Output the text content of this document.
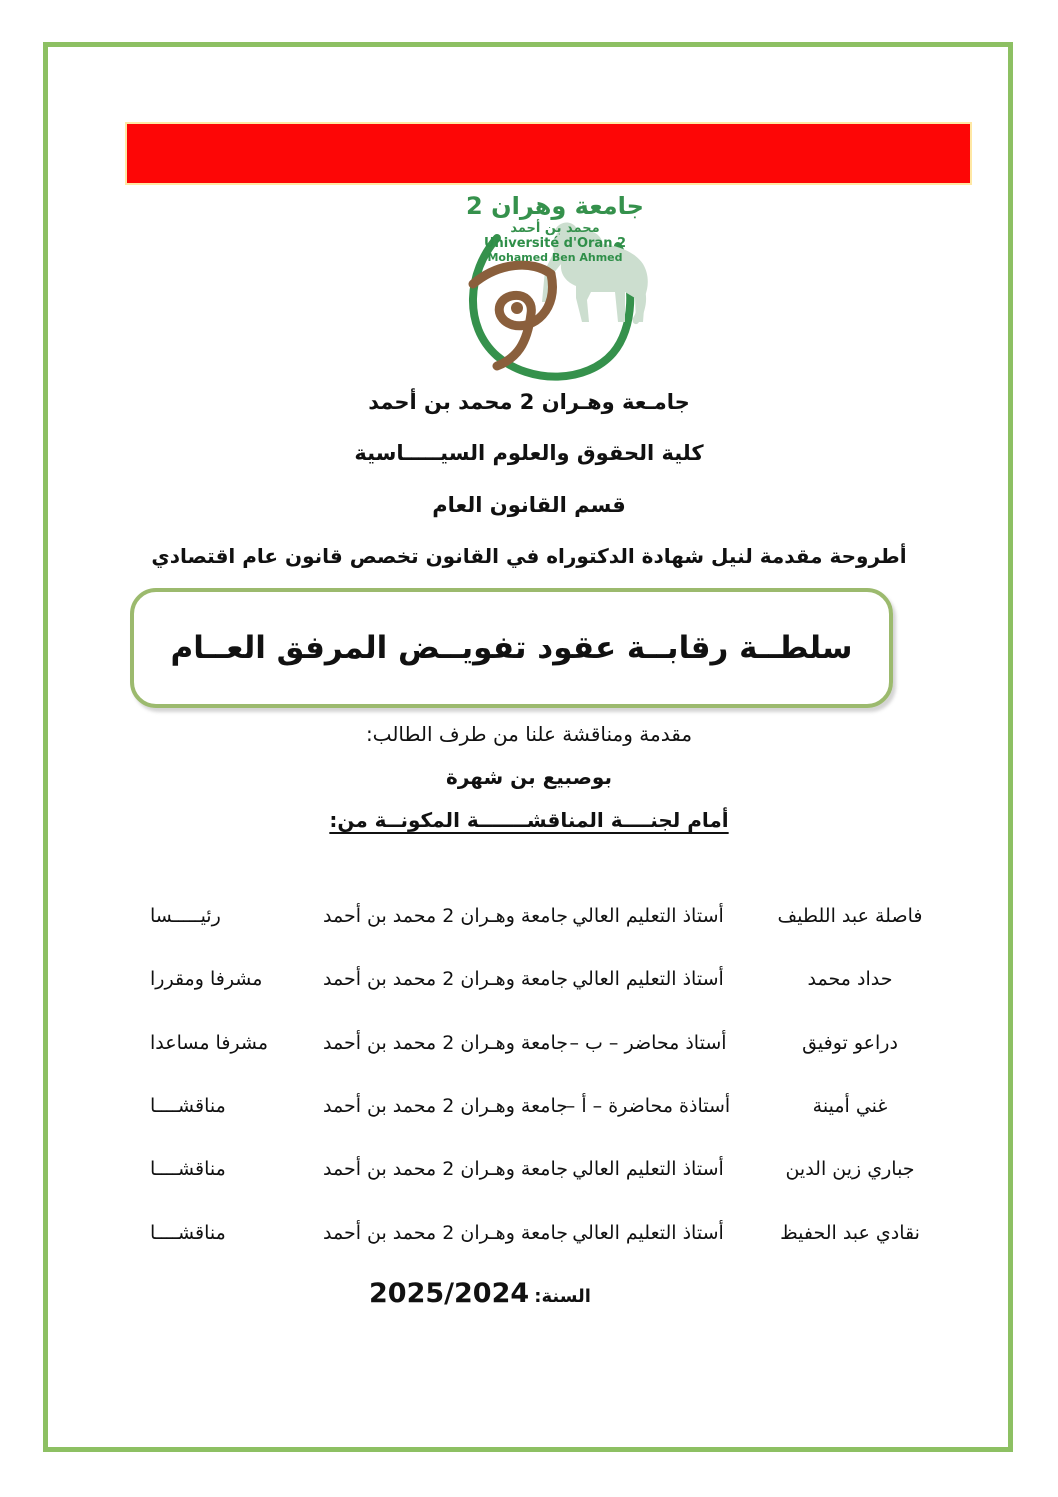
جامعة وهران 2
محمد بن أحمد
Université d'Oran 2
Mohamed Ben Ahmed
جامـعة وهـران 2 محمد بن أحمد
كلية الحقوق والعلوم السيـــــاسية
قسم القانون العام
أطروحة مقدمة لنيل شهادة الدكتوراه في القانون تخصص قانون عام اقتصادي
سلطــة رقابــة عقود تفويــض المرفق العــام
مقدمة ومناقشة علنا من طرف الطالب:
بوصبيع بن شهرة
أمام لجنــــة المناقشـــــــة المكونــة من:
فاصلة عبد اللطيف
أستاذ التعليم العالي
جامعة وهـران 2 محمد بن أحمد
رئيـــــسا
حداد محمد
أستاذ التعليم العالي
جامعة وهـران 2 محمد بن أحمد
مشرفا ومقررا
دراعو توفيق
أستاذ محاضر – ب –
جامعة وهـران 2 محمد بن أحمد
مشرفا مساعدا
غني أمينة
أستاذة محاضرة – أ –
جامعة وهـران 2 محمد بن أحمد
مناقشــــا
جباري زين الدين
أستاذ التعليم العالي
جامعة وهـران 2 محمد بن أحمد
مناقشــــا
نقادي عبد الحفيظ
أستاذ التعليم العالي
جامعة وهـران 2 محمد بن أحمد
مناقشــــا
السنة: 2025/2024
